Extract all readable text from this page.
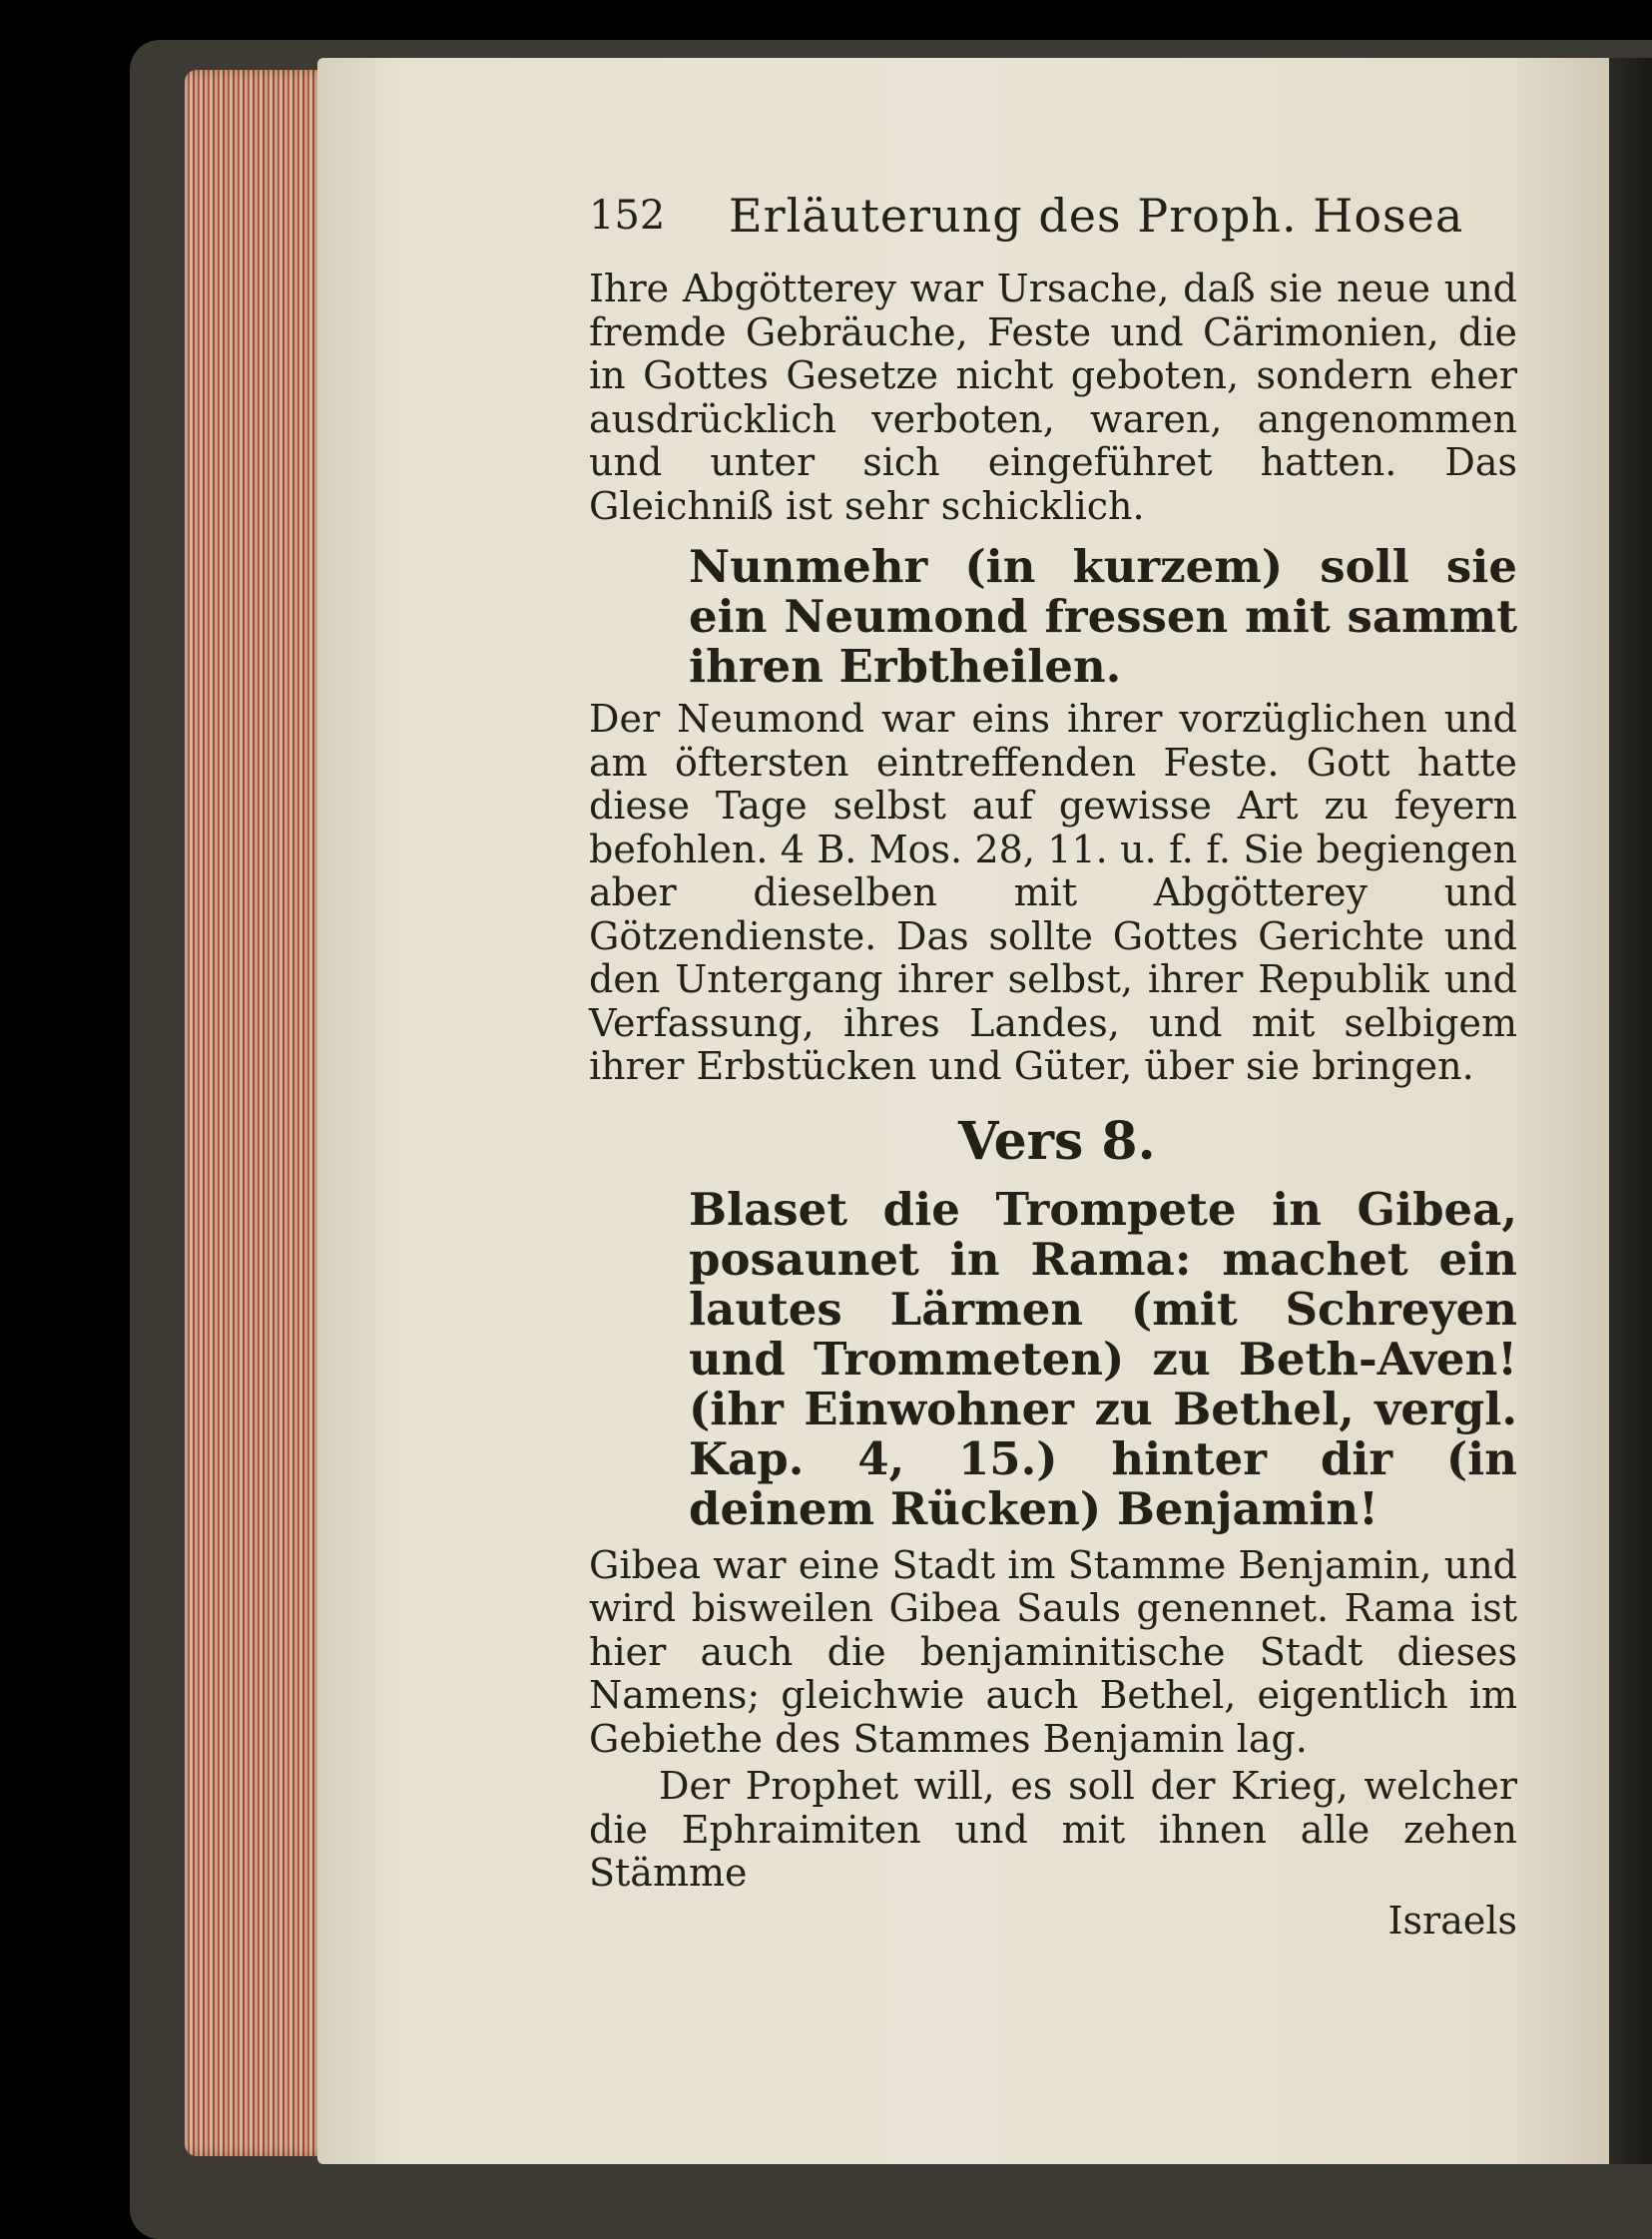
152 Erläuterung des Proph. Hosea

Ihre Abgötterey war Ursache, daß sie neue und fremde Gebräuche, Feste und Cärimonien, die in Gottes Gesetze nicht geboten, sondern eher ausdrücklich verboten, waren, angenommen und unter sich eingeführet hatten. Das Gleichniß ist sehr schicklich.

Nunmehr (in kurzem) soll sie ein Neumond fressen mit sammt ihren Erbtheilen.

Der Neumond war eins ihrer vorzüglichen und am öftersten eintreffenden Feste. Gott hatte diese Tage selbst auf gewisse Art zu feyern befohlen. 4 B. Mos. 28, 11. u. f. f. Sie begiengen aber dieselben mit Abgötterey und Götzendienste. Das sollte Gottes Gerichte und den Untergang ihrer selbst, ihrer Republik und Verfassung, ihres Landes, und mit selbigem ihrer Erbstücken und Güter, über sie bringen.

Vers 8.

Blaset die Trompete in Gibea, posaunet in Rama: machet ein lautes Lärmen (mit Schreyen und Trommeten) zu Beth-Aven! (ihr Einwohner zu Bethel, vergl. Kap. 4, 15.) hinter dir (in deinem Rücken) Benjamin!

Gibea war eine Stadt im Stamme Benjamin, und wird bisweilen Gibea Sauls genennet. Rama ist hier auch die benjaminitische Stadt dieses Namens; gleichwie auch Bethel, eigentlich im Gebiethe des Stammes Benjamin lag.

Der Prophet will, es soll der Krieg, welcher die Ephraimiten und mit ihnen alle zehen Stämme

Israels
